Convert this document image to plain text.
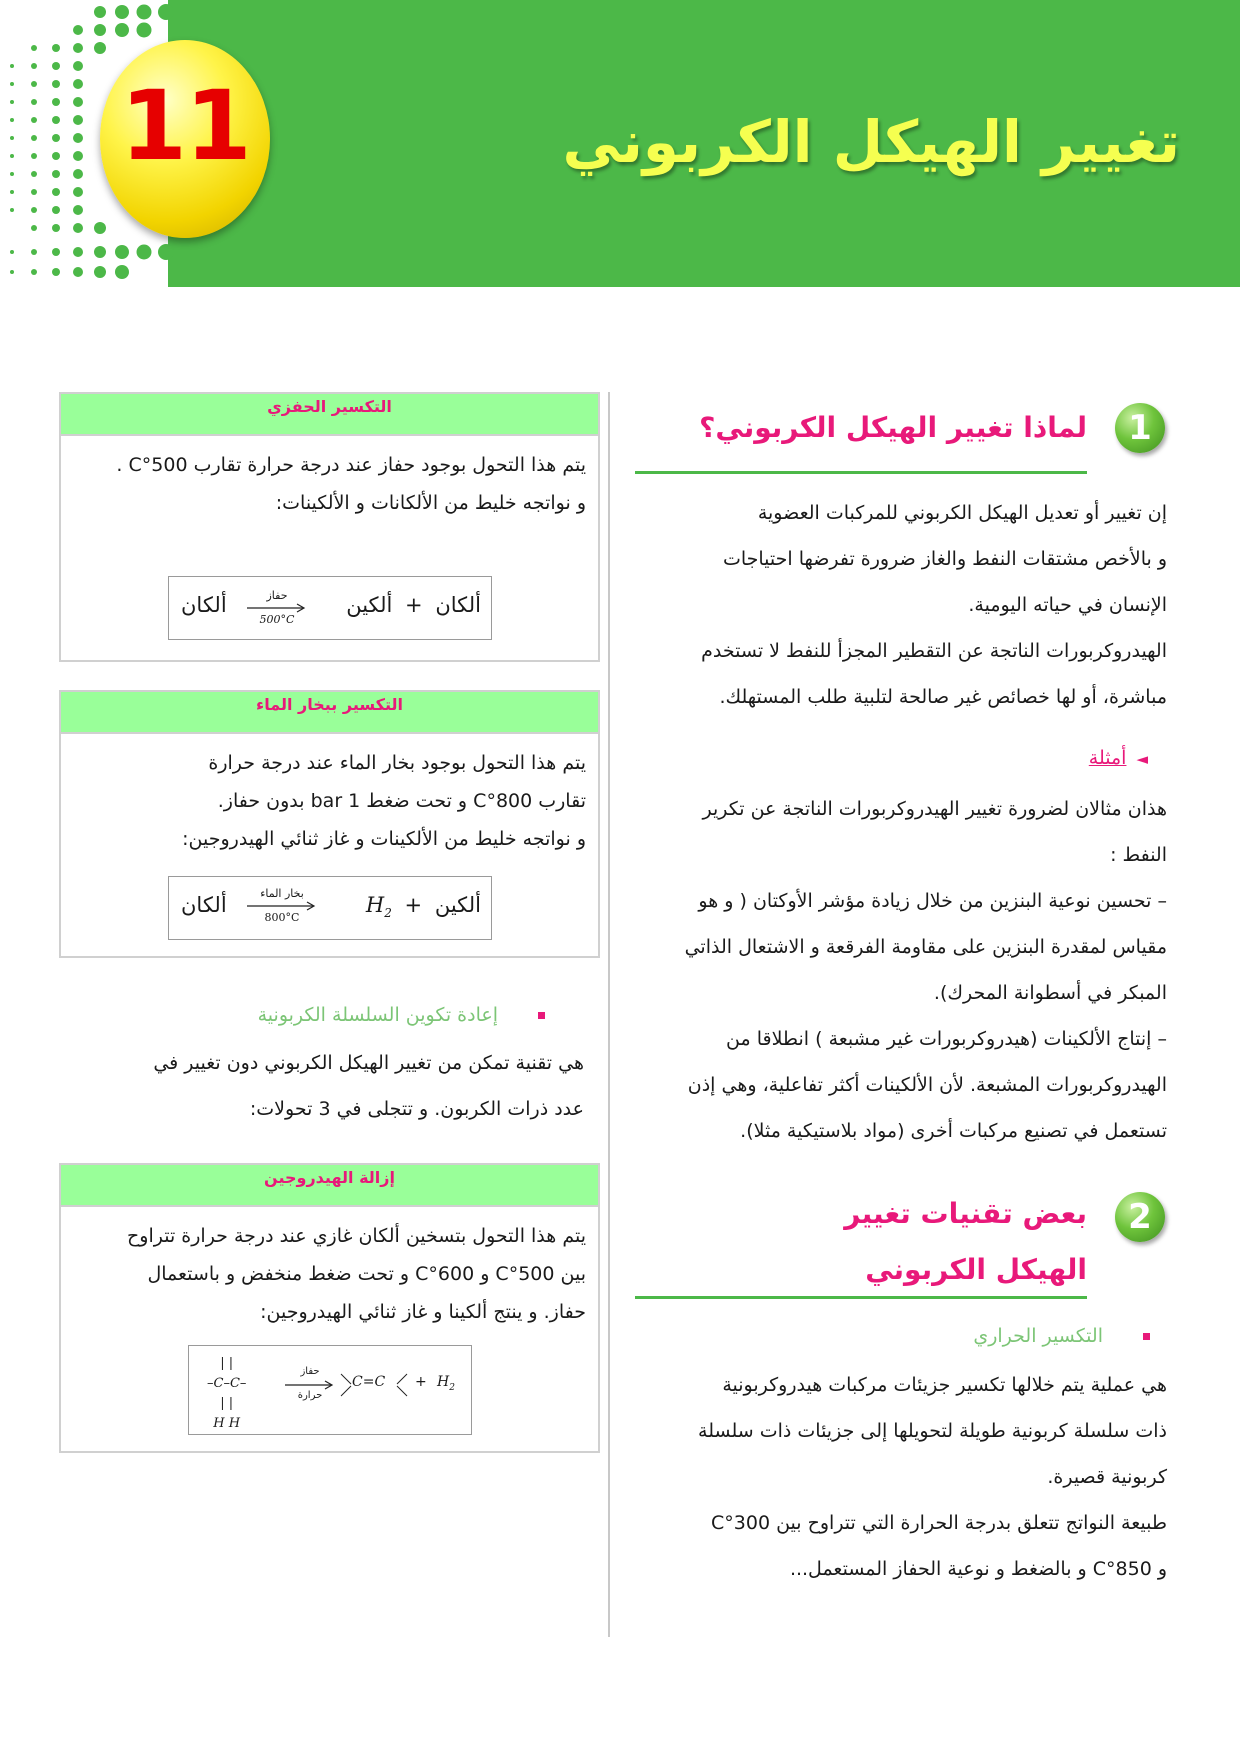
11	تغيير الهيكل الكربوني
1
لماذا تغيير الهيكل الكربوني؟
إن تغيير أو تعديل الهيكل الكربوني للمركبات العضوية
و بالأخص مشتقات النفط والغاز ضرورة تفرضها احتياجات
الإنسان في حياته اليومية.
الهيدروكربورات الناتجة عن التقطير المجزأ للنفط لا تستخدم
مباشرة، أو لها خصائص غير صالحة لتلبية طلب المستهلك.
◄أمثلة
هذان مثالان لضرورة تغيير الهيدروكربورات الناتجة عن تكرير
النفط :
– تحسين نوعية البنزين من خلال زيادة مؤشر الأوكتان ( و هو
مقياس لمقدرة البنزين على مقاومة الفرقعة و الاشتعال الذاتي
المبكر في أسطوانة المحرك).
– إنتاج الألكينات (هيدروكربورات غير مشبعة ) انطلاقا من
الهيدروكربورات المشبعة. لأن الألكينات أكثر تفاعلية، وهي إذن
تستعمل في تصنيع مركبات أخرى (مواد بلاستيكية مثلا).
2
بعض تقنيات تغيير
الهيكل الكربوني
التكسير الحراري
هي عملية يتم خلالها تكسير جزيئات مركبات هيدروكربونية
ذات سلسلة كربونية طويلة لتحويلها إلى جزيئات ذات سلسلة
كربونية قصيرة.
طبيعة النواتج تتعلق بدرجة الحرارة التي تتراوح بين 300°C
و 850°C و بالضغط و نوعية الحفاز المستعمل...
التكسير الحفزي
يتم هذا التحول بوجود حفاز عند درجة حرارة تقارب 500°C .
و نواتجه خليط من الألكانات و الألكينات:
ألكان + ألكين
حفاز
500°C
ألكان
التكسير ببخار الماء
يتم هذا التحول بوجود بخار الماء عند درجة حرارة
تقارب 800°C و تحت ضغط 1 bar بدون حفاز.
و نواتجه خليط من الألكينات و غاز ثنائي الهيدروجين:
ألكين + $H_2$
بخار الماء
800°C
ألكان
إعادة تكوين السلسلة الكربونية
هي تقنية تمكن من تغيير الهيكل الكربوني دون تغيير في
عدد ذرات الكربون. و تتجلى في 3 تحولات:
إزالة الهيدروجين
يتم هذا التحول بتسخين ألكان غازي عند درجة حرارة تتراوح
بين 500°C و 600°C و تحت ضغط منخفض و باستعمال
حفاز. و ينتج ألكينا و غاز ثنائي الهيدروجين:
| |
–C–C–
| |
H H
حفاز
حرارة
$C=C + H_2$
